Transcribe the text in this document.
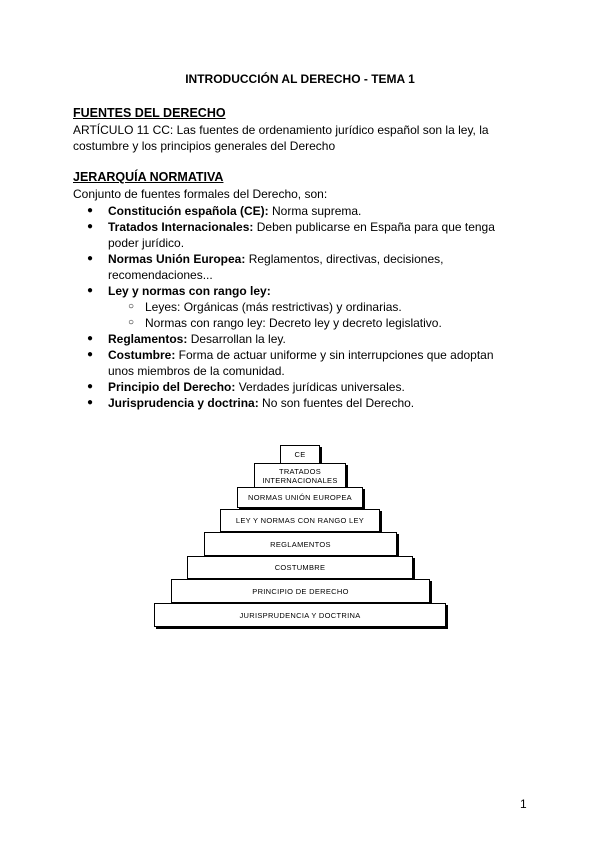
INTRODUCCIÓN AL DERECHO - TEMA 1
FUENTES DEL DERECHO
ARTÍCULO 11 CC: Las fuentes de ordenamiento jurídico español son la ley, la
costumbre y los principios generales del Derecho
JERARQUÍA NORMATIVA
Conjunto de fuentes formales del Derecho, son:
● Constitución española (CE): Norma suprema.
● Tratados Internacionales: Deben publicarse en España para que tenga poder jurídico.
● Normas Unión Europea: Reglamentos, directivas, decisiones, recomendaciones...
● Ley y normas con rango ley:
○ Leyes: Orgánicas (más restrictivas) y ordinarias.
○ Normas con rango ley: Decreto ley y decreto legislativo.
● Reglamentos: Desarrollan la ley.
● Costumbre: Forma de actuar uniforme y sin interrupciones que adoptan unos miembros de la comunidad.
● Principio del Derecho: Verdades jurídicas universales.
● Jurisprudencia y doctrina: No son fuentes del Derecho.
CE
TRATADOS INTERNACIONALES
NORMAS UNIÓN EUROPEA
LEY Y NORMAS CON RANGO LEY
REGLAMENTOS
COSTUMBRE
PRINCIPIO DE DERECHO
JURISPRUDENCIA Y DOCTRINA
1
